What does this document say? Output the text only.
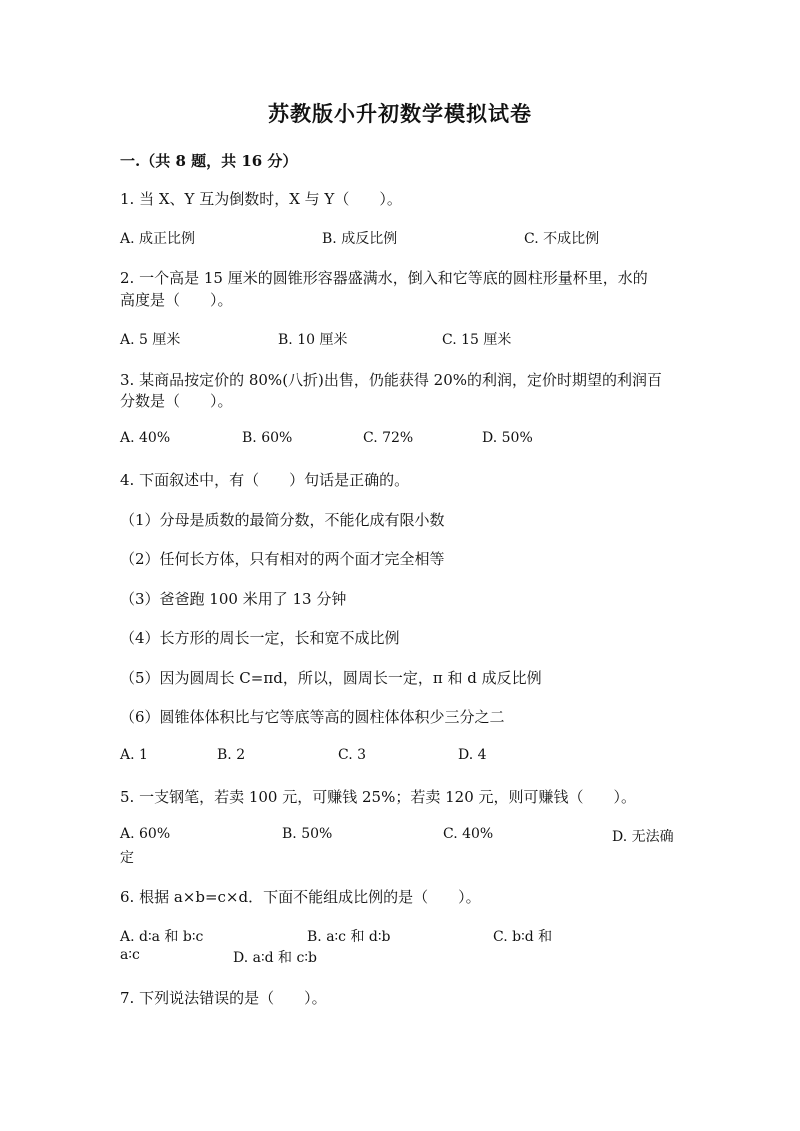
苏教版小升初数学模拟试卷
一.（共 8 题，共 16 分）
1. 当 X、Y 互为倒数时，X 与 Y（　　）。
A. 成正比例	B. 成反比例	C. 不成比例
2. 一个高是 15 厘米的圆锥形容器盛满水，倒入和它等底的圆柱形量杯里，水的
高度是（　　）。
A. 5 厘米	B. 10 厘米	C. 15 厘米
3. 某商品按定价的 80%(八折)出售，仍能获得 20%的利润，定价时期望的利润百
分数是（　　）。
A. 40%	B. 60%	C. 72%	D. 50%
4. 下面叙述中，有（　　）句话是正确的。
（1）分母是质数的最简分数，不能化成有限小数
（2）任何长方体，只有相对的两个面才完全相等
（3）爸爸跑 100 米用了 13 分钟
（4）长方形的周长一定，长和宽不成比例
（5）因为圆周长 C=πd，所以，圆周长一定，π 和 d 成反比例
（6）圆锥体体积比与它等底等高的圆柱体体积少三分之二
A. 1	B. 2	C. 3	D. 4
5. 一支钢笔，若卖 100 元，可赚钱 25%；若卖 120 元，则可赚钱（　　）。
A. 60%	B. 50%	C. 40%	D. 无法确
定
6. 根据 a×b=c×d．下面不能组成比例的是（　　）。
A. d∶a 和 b∶c	B. a∶c 和 d∶b	C. b∶d 和
a∶c	D. a∶d 和 c∶b
7. 下列说法错误的是（　　）。
